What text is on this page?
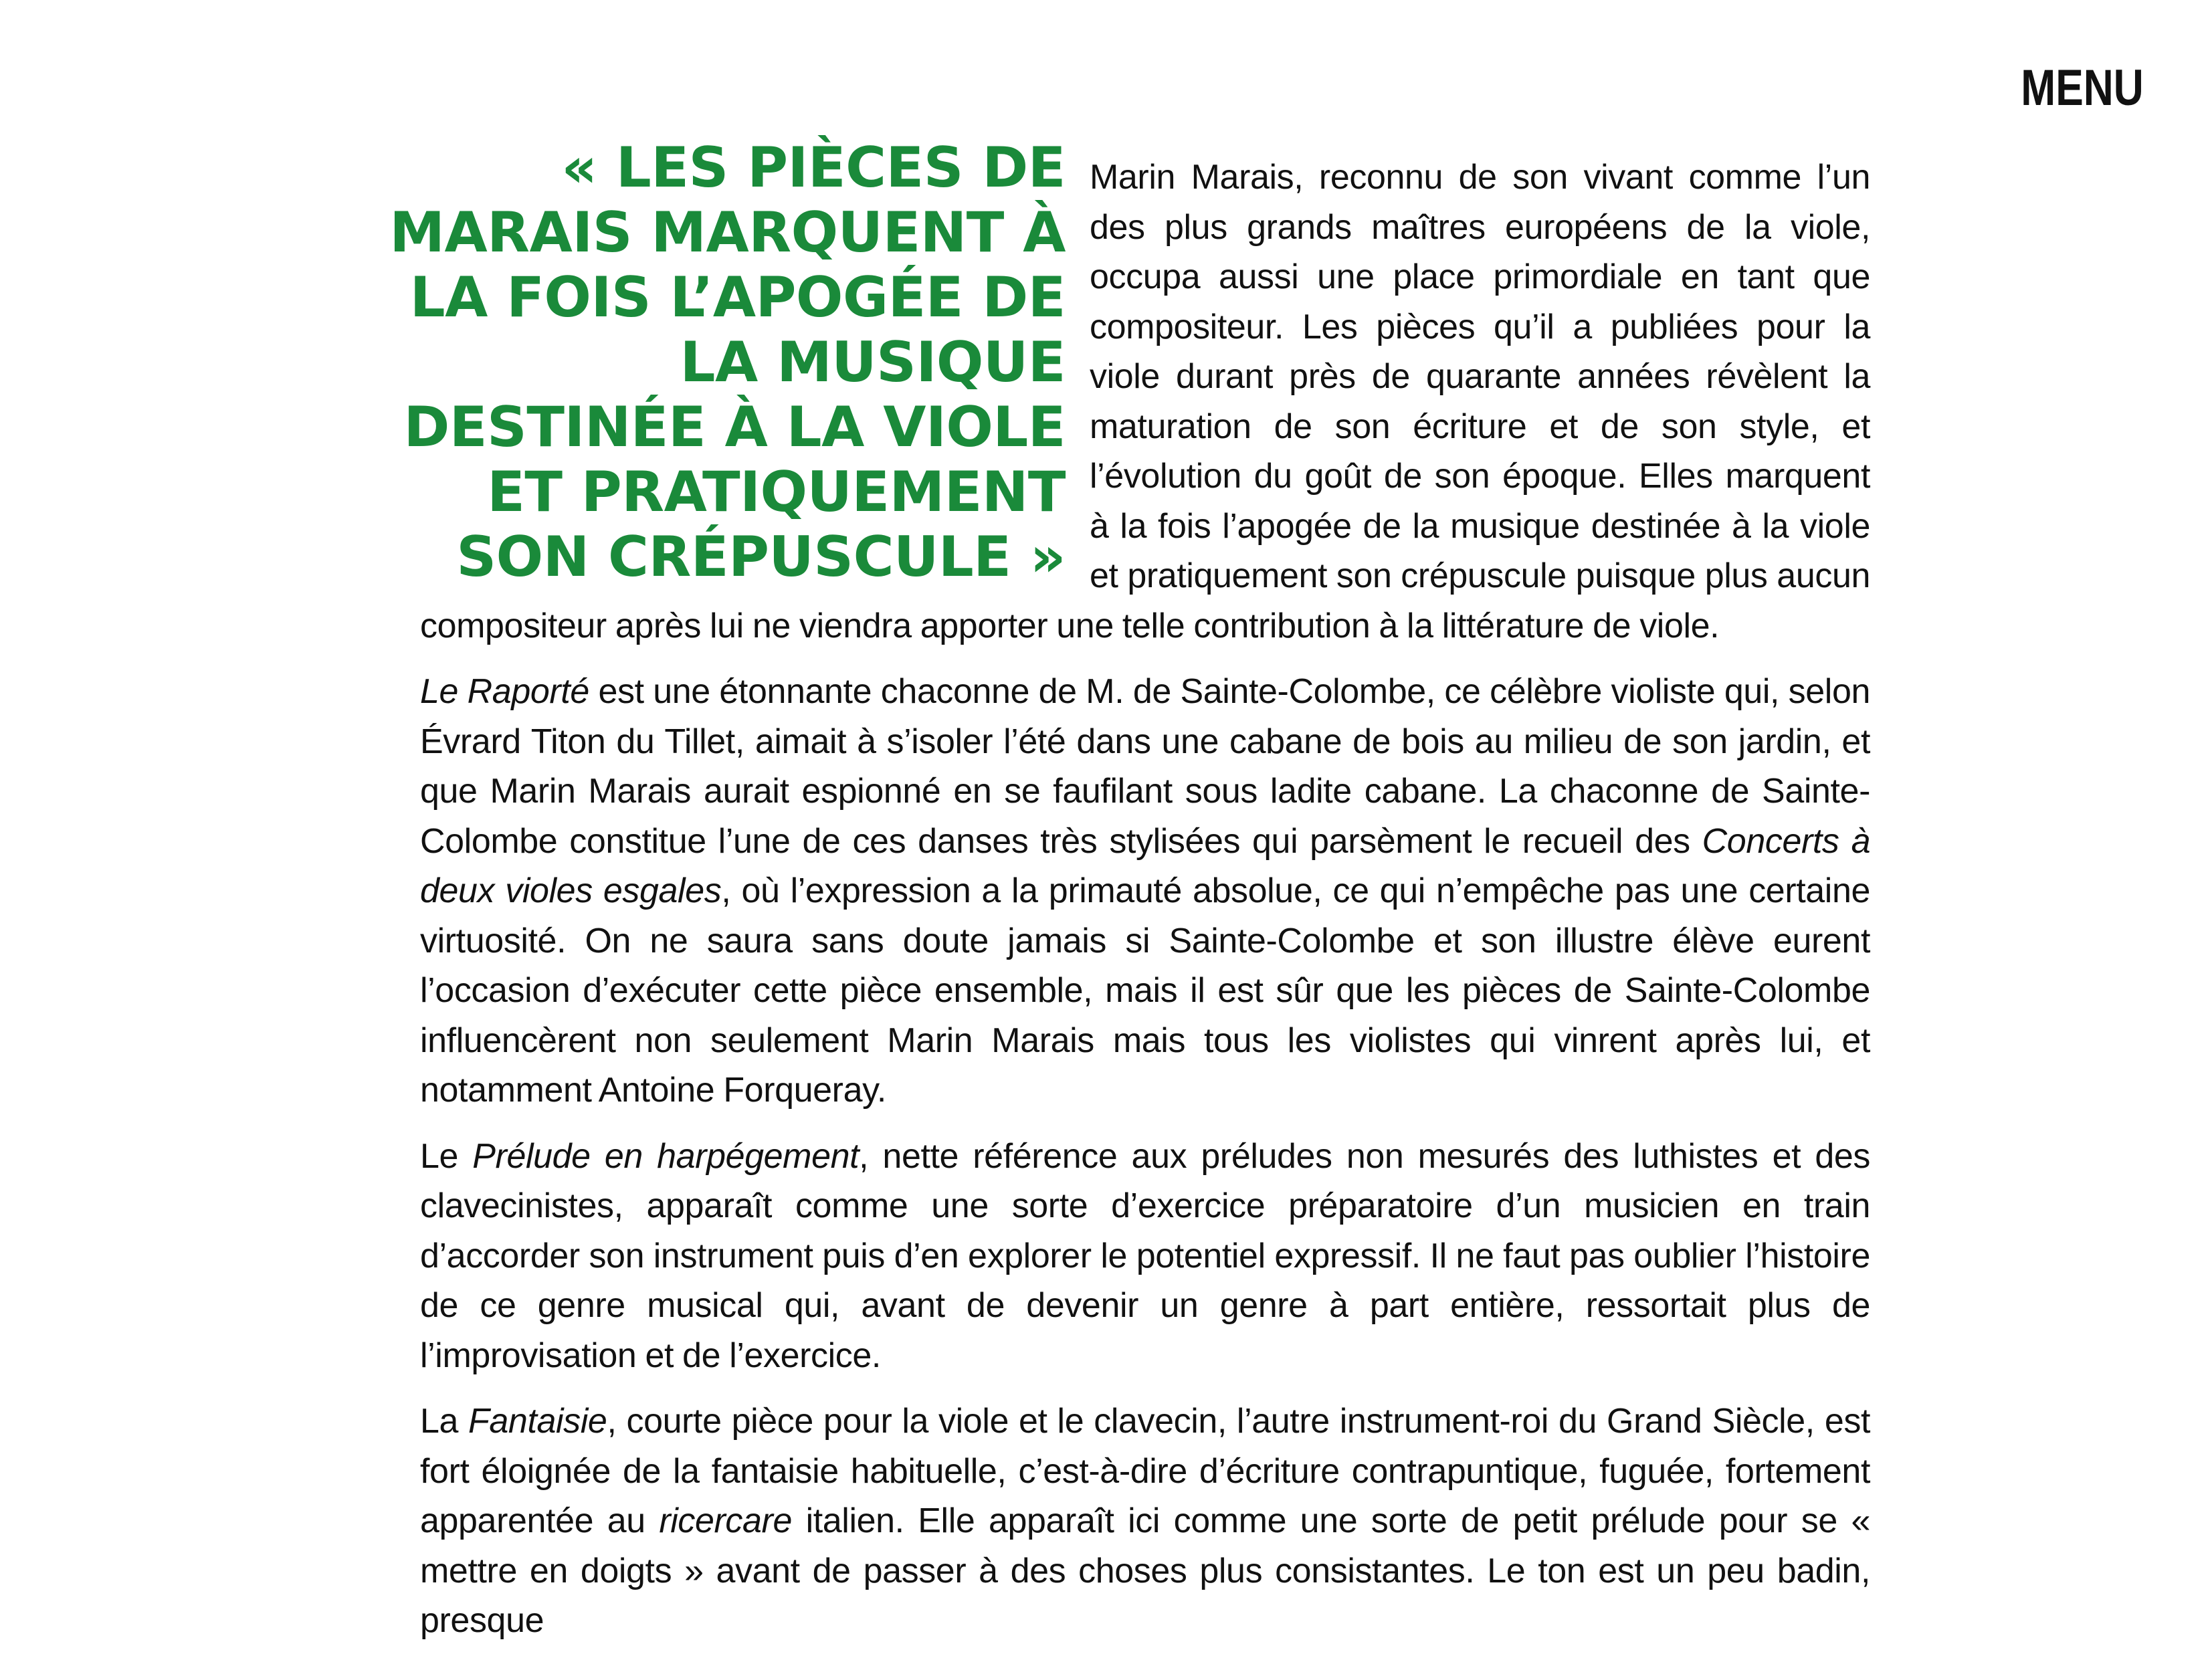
MENU
« LES PIÈCES DE MARAIS MARQUENT À LA FOIS L’APOGÉE DE LA MUSIQUE DESTINÉE À LA VIOLE ET PRATIQUEMENT SON CRÉPUSCULE »

Marin Marais, reconnu de son vivant comme l’un des plus grands maîtres européens de la viole, occupa aussi une place primordiale en tant que compositeur. Les pièces qu’il a publiées pour la viole durant près de quarante années révèlent la maturation de son écriture et de son style, et l’évolution du goût de son époque. Elles marquent à la fois l’apogée de la musique destinée à la viole et pratiquement son crépuscule puisque plus aucun compositeur après lui ne viendra apporter une telle contribution à la littérature de viole.

Le Raporté est une étonnante chaconne de M. de Sainte-Colombe, ce célèbre violiste qui, selon Évrard Titon du Tillet, aimait à s’isoler l’été dans une cabane de bois au milieu de son jardin, et que Marin Marais aurait espionné en se faufilant sous ladite cabane. La chaconne de Sainte-Colombe constitue l’une de ces danses très stylisées qui parsèment le recueil des Concerts à deux violes esgales, où l’expression a la primauté absolue, ce qui n’empêche pas une certaine virtuosité. On ne saura sans doute jamais si Sainte-Colombe et son illustre élève eurent l’occasion d’exécuter cette pièce ensemble, mais il est sûr que les pièces de Sainte-Colombe influencèrent non seulement Marin Marais mais tous les violistes qui vinrent après lui, et notamment Antoine Forqueray.

Le Prélude en harpégement, nette référence aux préludes non mesurés des luthistes et des clavecinistes, apparaît comme une sorte d’exercice préparatoire d’un musicien en train d’accorder son instrument puis d’en explorer le potentiel expressif. Il ne faut pas oublier l’histoire de ce genre musical qui, avant de devenir un genre à part entière, ressortait plus de l’improvisation et de l’exercice.

La Fantaisie, courte pièce pour la viole et le clavecin, l’autre instrument-roi du Grand Siècle, est fort éloignée de la fantaisie habituelle, c’est-à-dire d’écriture contrapuntique, fuguée, fortement apparentée au ricercare italien. Elle apparaît ici comme une sorte de petit prélude pour se « mettre en doigts » avant de passer à des choses plus consistantes. Le ton est un peu badin, presque
